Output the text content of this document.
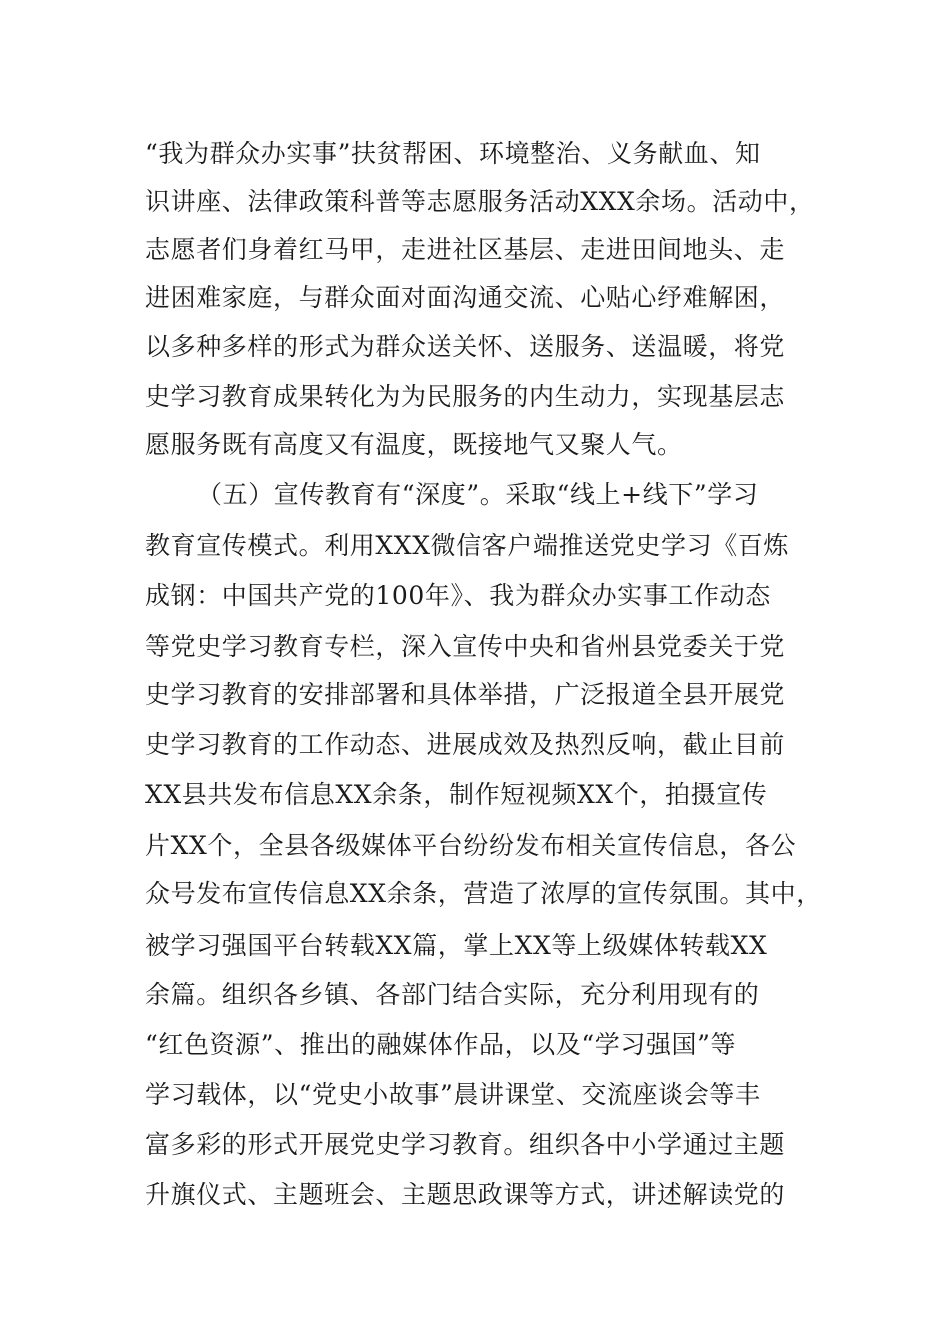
“我为群众办实事”扶贫帮困、环境整治、义务献血、知
识讲座、法律政策科普等志愿服务活动XXX余场。活动中，
志愿者们身着红马甲，走进社区基层、走进田间地头、走
进困难家庭，与群众面对面沟通交流、心贴心纾难解困，
以多种多样的形式为群众送关怀、送服务、送温暖，将党
史学习教育成果转化为为民服务的内生动力，实现基层志
愿服务既有高度又有温度，既接地气又聚人气。
（五）宣传教育有“深度”。采取“线上+线下”学习
教育宣传模式。利用XXX微信客户端推送党史学习《百炼
成钢：中国共产党的100年》、我为群众办实事工作动态
等党史学习教育专栏，深入宣传中央和省州县党委关于党
史学习教育的安排部署和具体举措，广泛报道全县开展党
史学习教育的工作动态、进展成效及热烈反响，截止目前
XX县共发布信息XX余条，制作短视频XX个，拍摄宣传
片XX个，全县各级媒体平台纷纷发布相关宣传信息，各公
众号发布宣传信息XX余条，营造了浓厚的宣传氛围。其中，
被学习强国平台转载XX篇，掌上XX等上级媒体转载XX
余篇。组织各乡镇、各部门结合实际，充分利用现有的
“红色资源”、推出的融媒体作品，以及“学习强国”等
学习载体，以“党史小故事”晨讲课堂、交流座谈会等丰
富多彩的形式开展党史学习教育。组织各中小学通过主题
升旗仪式、主题班会、主题思政课等方式，讲述解读党的
